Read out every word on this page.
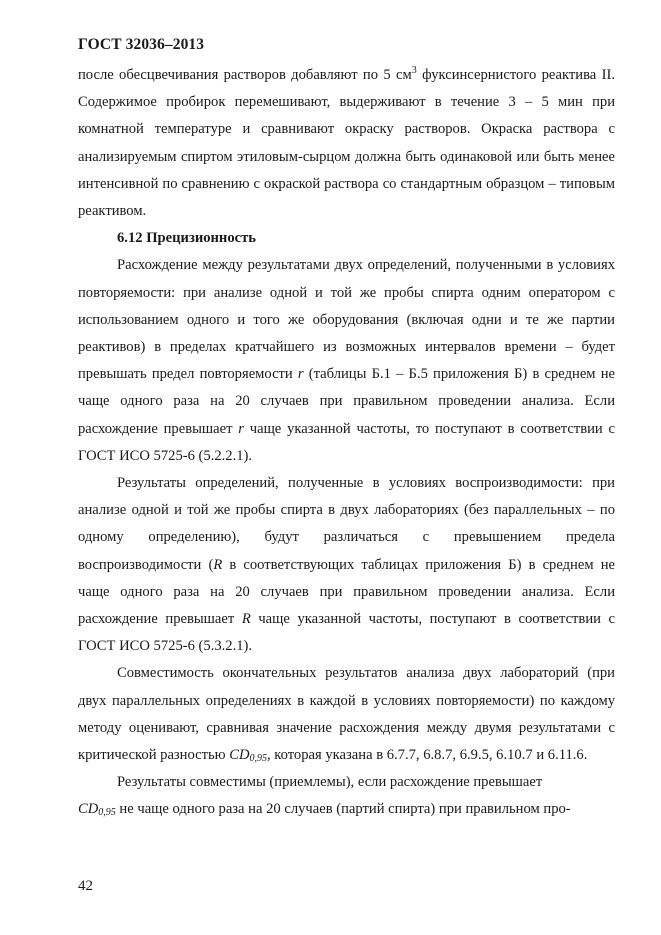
ГОСТ 32036–2013

после обесцвечивания растворов добавляют по 5 $см^3$ фуксинсернистого реактива II. Содержимое пробирок перемешивают, выдерживают в течение 3 – 5 мин при комнатной температуре и сравнивают окраску растворов. Окраска раствора с анализируемым спиртом этиловым-сырцом должна быть одинаковой или быть менее интенсивной по сравнению с окраской раствора со стандартным образцом – типовым реактивом.

6.12 Прецизионность

Расхождение между результатами двух определений, полученными в условиях повторяемости: при анализе одной и той же пробы спирта одним оператором с использованием одного и того же оборудования (включая одни и те же партии реактивов) в пределах кратчайшего из возможных интервалов времени – будет превышать предел повторяемости r (таблицы Б.1 – Б.5 приложения Б) в среднем не чаще одного раза на 20 случаев при правильном проведении анализа. Если расхождение превышает r чаще указанной частоты, то поступают в соответствии с ГОСТ ИСО 5725-6 (5.2.2.1).

Результаты определений, полученные в условиях воспроизводимости: при анализе одной и той же пробы спирта в двух лабораториях (без параллельных – по одному определению), будут различаться с превышением предела воспроизводимости (R в соответствующих таблицах приложения Б) в среднем не чаще одного раза на 20 случаев при правильном проведении анализа. Если расхождение превышает R чаще указанной частоты, поступают в соответствии с ГОСТ ИСО 5725-6 (5.3.2.1).

Совместимость окончательных результатов анализа двух лабораторий (при двух параллельных определениях в каждой в условиях повторяемости) по каждому методу оценивают, сравнивая значение расхождения между двумя результатами с критической разностью $CD_{0,95}$, которая указана в 6.7.7, 6.8.7, 6.9.5, 6.10.7 и 6.11.6.

Результаты совместимы (приемлемы), если расхождение превышает
$CD_{0,95}$ не чаще одного раза на 20 случаев (партий спирта) при правильном про-

42
